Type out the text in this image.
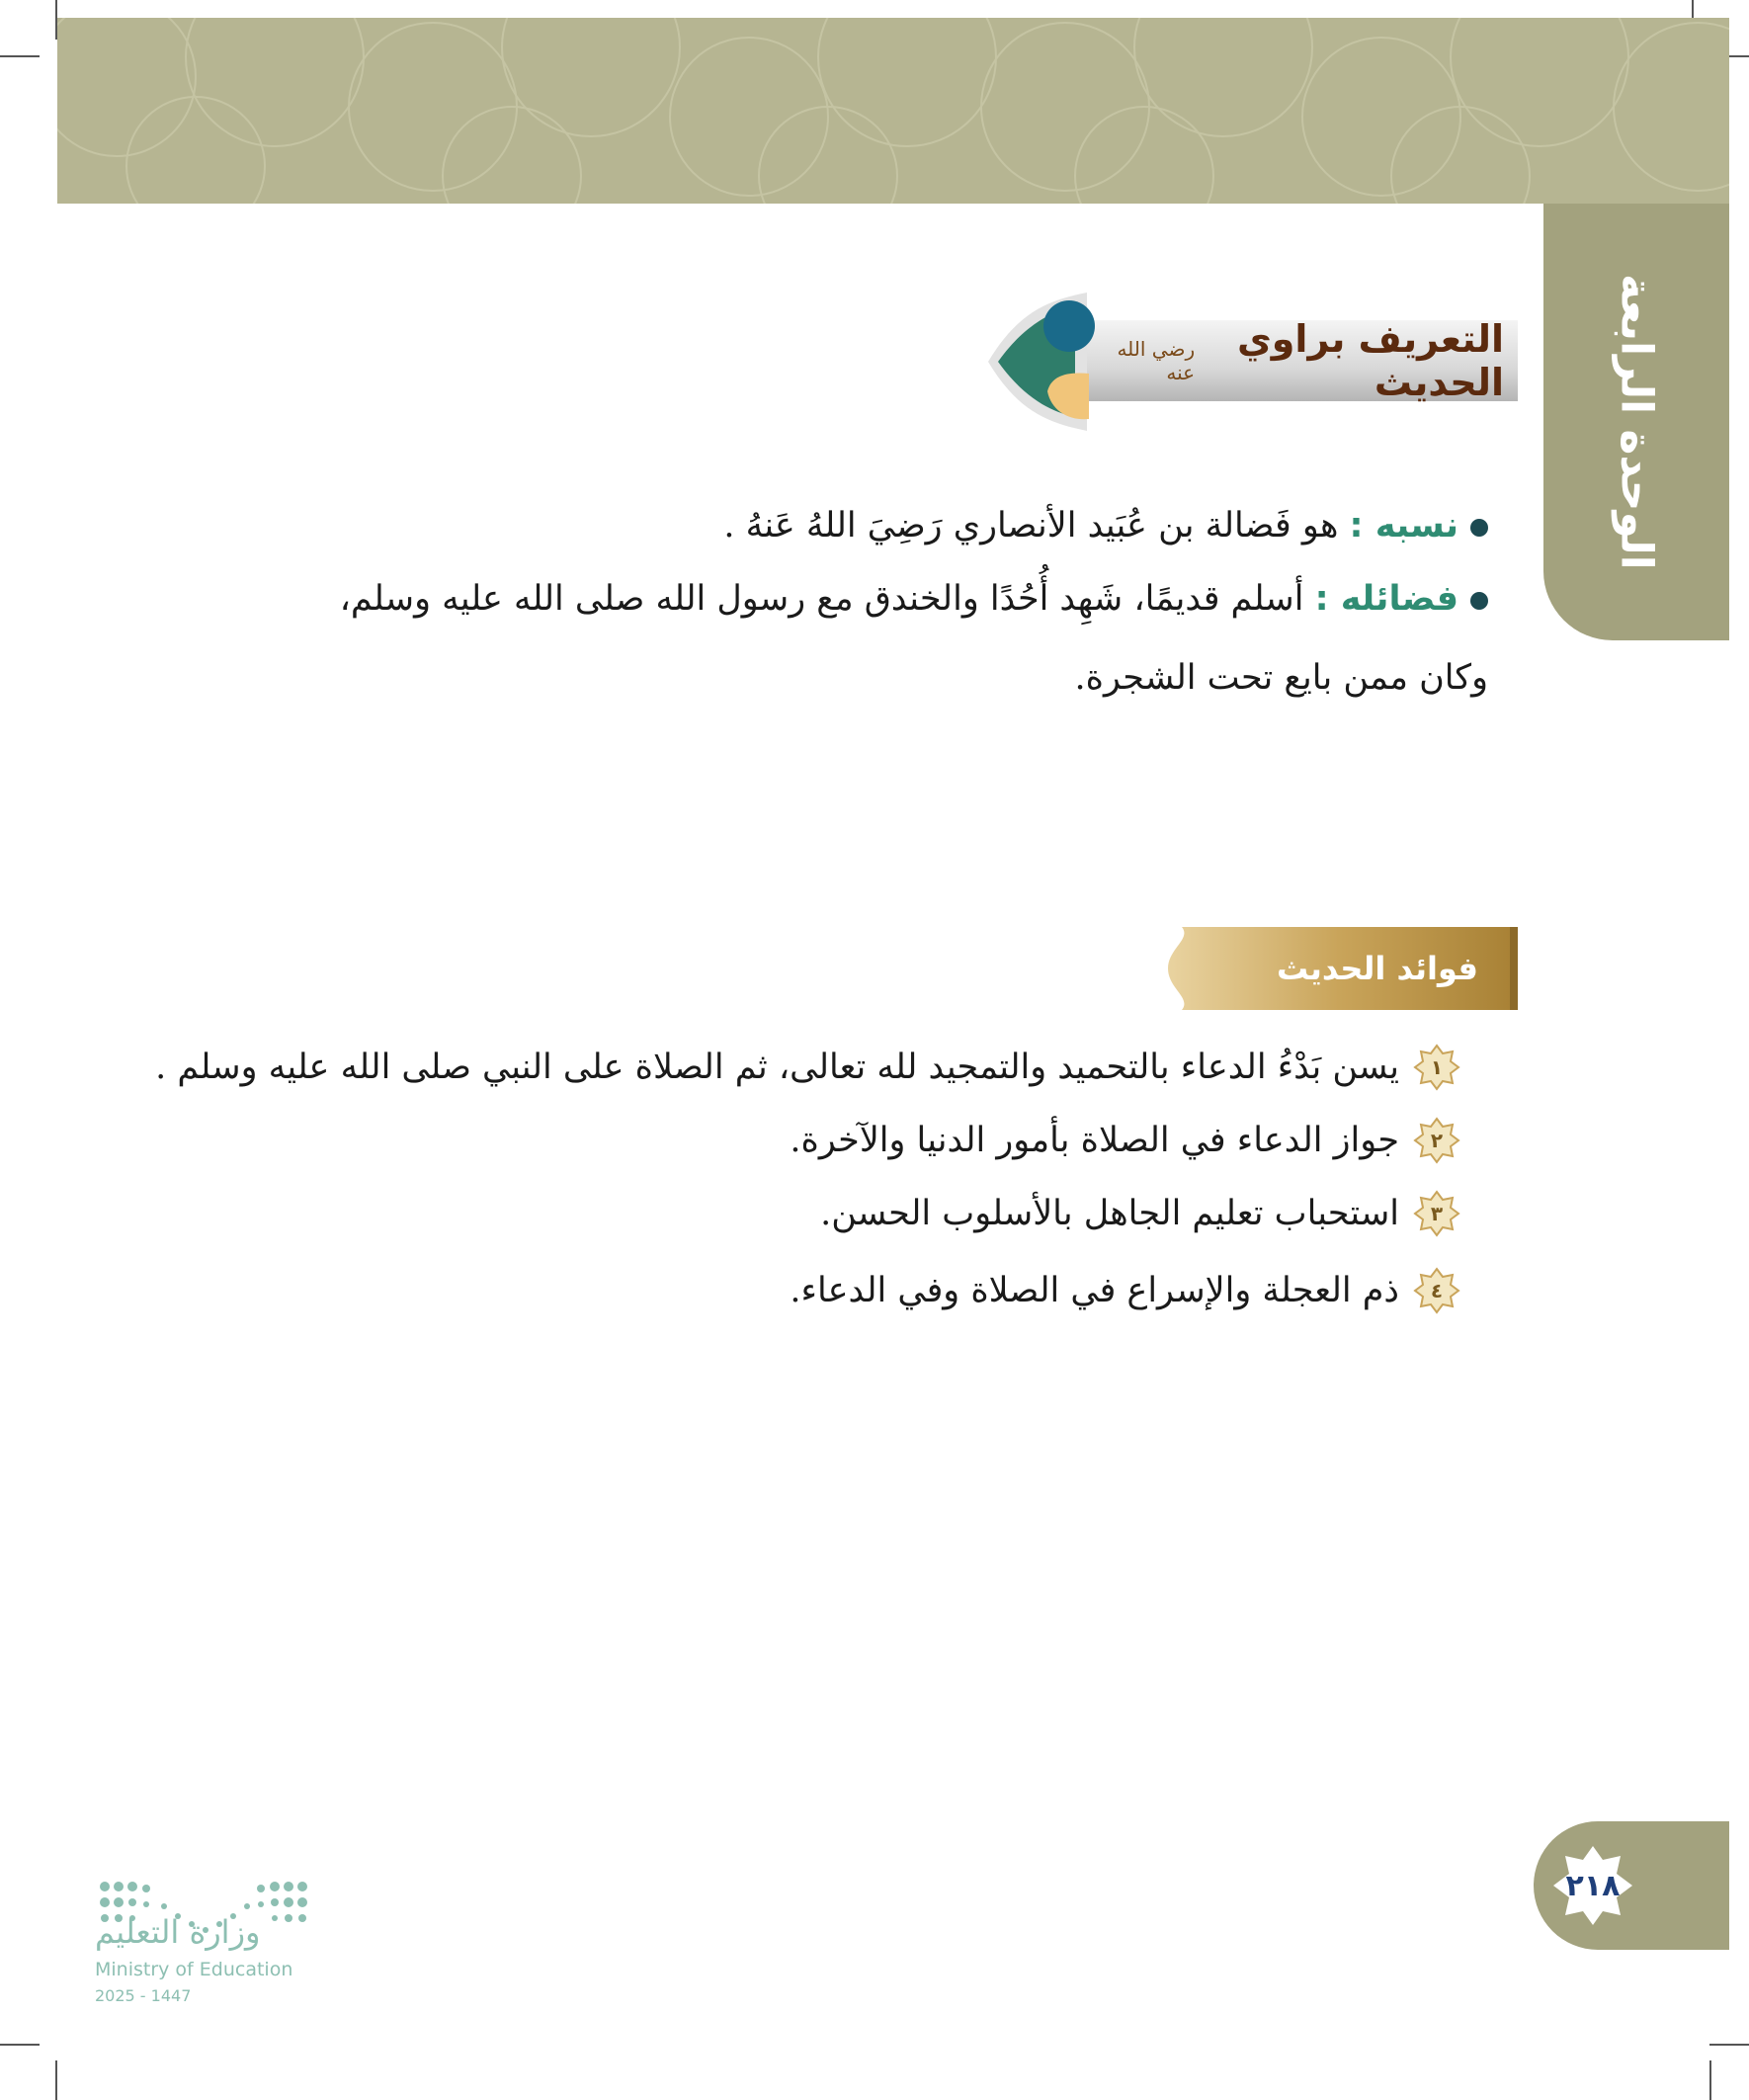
الوحدة الرابعة
التعريف براوي الحديث
رضي الله عنه
نسبه : هو فَضالة بن عُبَيد الأنصاري رَضِيَ اللهُ عَنهُ .
فضائله : أسلم قديمًا، شَهِد أُحُدًا والخندق مع رسول الله صلى الله عليه وسلم، وكان ممن بايع تحت الشجرة.
فوائد الحديث
١
يسن بَدْءُ الدعاء بالتحميد والتمجيد لله تعالى، ثم الصلاة على النبي صلى الله عليه وسلم .
٢
جواز الدعاء في الصلاة بأمور الدنيا والآخرة.
٣
استحباب تعليم الجاهل بالأسلوب الحسن.
٤
ذم العجلة والإسراع في الصلاة وفي الدعاء.
٢١٨
وزارة التعليم
Ministry of Education
2025 - 1447
